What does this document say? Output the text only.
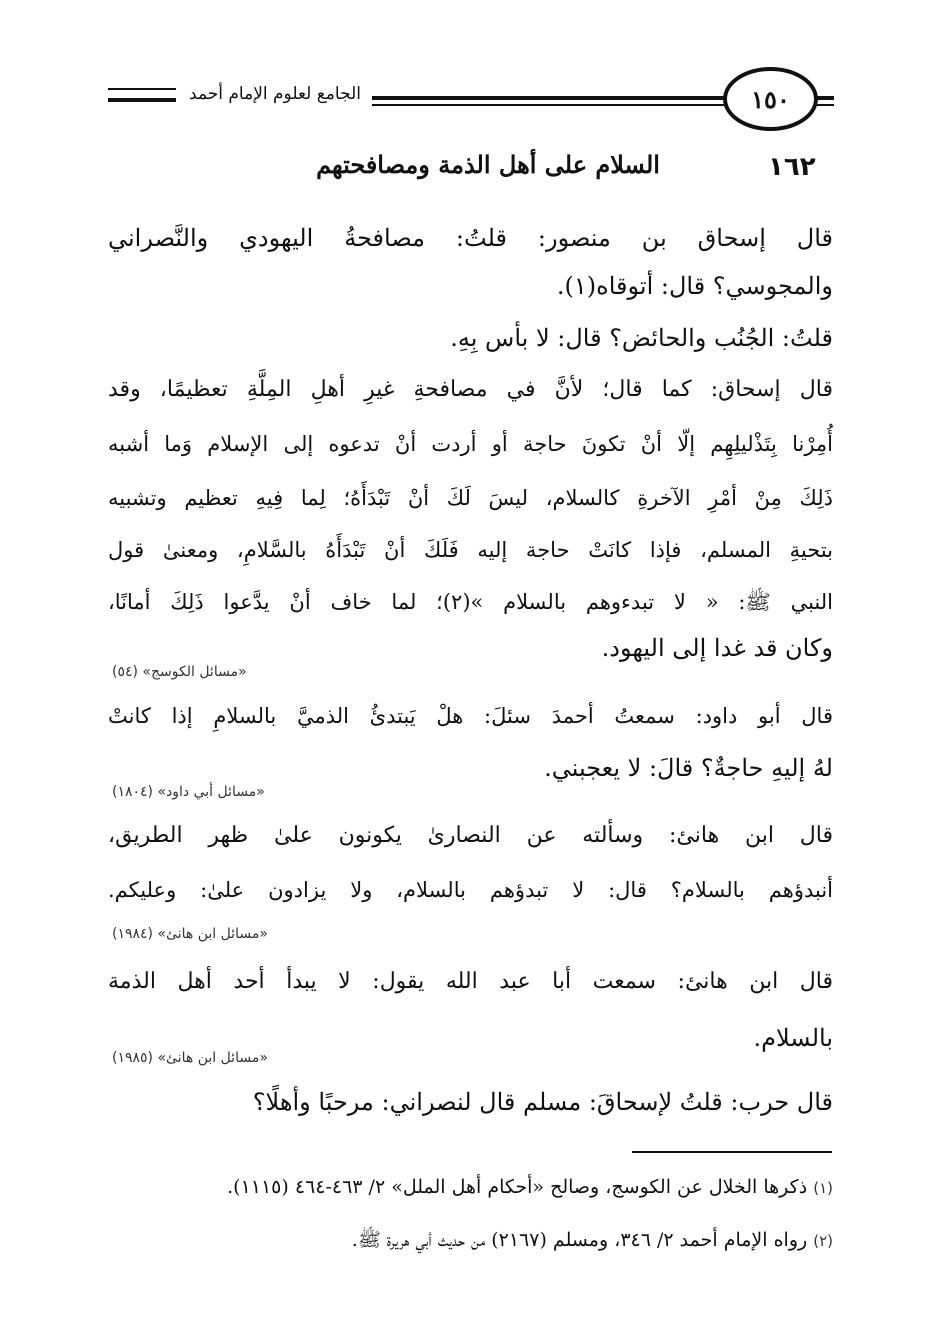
الجامع لعلوم الإمام أحمد	١٥٠
١٦٢
السلام على أهل الذمة ومصافحتهم
قال إسحاق بن منصور: قلتُ: مصافحةُ اليهودي والنَّصراني
والمجوسي؟ قال: أتوقاه(١).
قلتُ: الجُنُب والحائض؟ قال: لا بأس بِهِ.
قال إسحاق: كما قال؛ لأنَّ في مصافحةِ غيرِ أهلِ المِلَّةِ تعظيمًا، وقد
أُمِرْنا بِتَذْليلِهِم إلّا أنْ تكونَ حاجة أو أردت أنْ تدعوه إلى الإسلام وَما أشبه
ذَلِكَ مِنْ أمْرِ الآخرةِ كالسلام، ليسَ لَكَ أنْ تَبْدَأَهُ؛ لِما فِيهِ تعظيم وتشبيه
بتحيةِ المسلم، فإذا كانَتْ حاجة إليه فَلَكَ أنْ تَبْدَأَهُ بالسَّلامِ، ومعنىٰ قول
النبي ﷺ: « لا تبدءوهم بالسلام »(٢)؛ لما خاف أنْ يدَّعوا ذَلِكَ أمانًا،
وكان قد غدا إلى اليهود.
«مسائل الكوسج» (٥٤)
قال أبو داود: سمعتُ أحمدَ سئلَ: هلْ يَبتدئُ الذميَّ بالسلامِ إذا كانتْ
لهُ إليهِ حاجةٌ؟ قالَ: لا يعجبني.
«مسائل أبي داود» (١٨٠٤)
قال ابن هانئ: وسألته عن النصارىٰ يكونون علىٰ ظهر الطريق،
أنبدؤهم بالسلام؟ قال: لا تبدؤهم بالسلام، ولا يزادون علىٰ: وعليكم.
«مسائل ابن هانئ» (١٩٨٤)
قال ابن هانئ: سمعت أبا عبد الله يقول: لا يبدأ أحد أهل الذمة
بالسلام.
«مسائل ابن هانئ» (١٩٨٥)
قال حرب: قلتُ لإسحاقَ: مسلم قال لنصراني: مرحبًا وأهلًا؟
(١) ذكرها الخلال عن الكوسج، وصالح «أحكام أهل الملل» ٢/ ٤٦٣-٤٦٤ (١١١٥).
(٢) رواه الإمام أحمد ٢/ ٣٤٦، ومسلم (٢١٦٧) من حديث أبي هريرة ﷺ.
